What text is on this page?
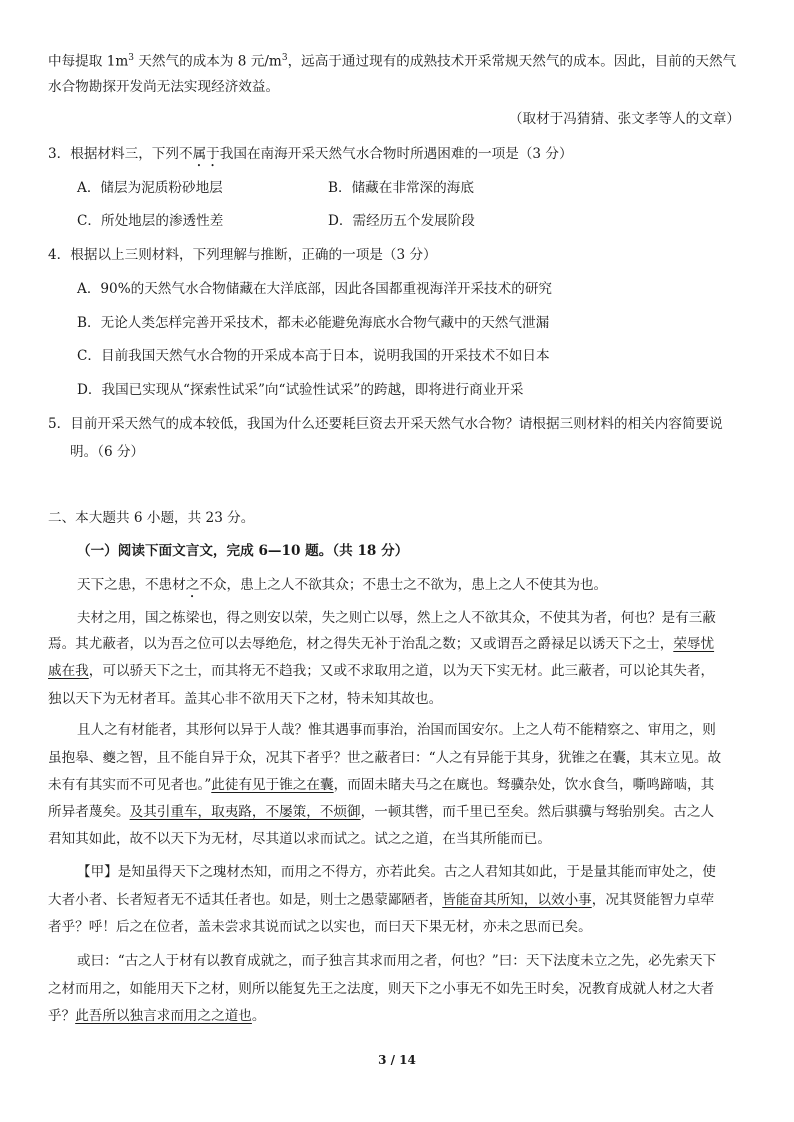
中每提取 $1m^3$ 天然气的成本为 8 元$/m^3$，远高于通过现有的成熟技术开采常规天然气的成本。因此，目前的天然气
水合物勘探开发尚无法实现经济效益。
（取材于冯猜猜、张文孝等人的文章）
3．根据材料三，下列不属于我国在南海开采天然气水合物时所遇困难的一项是（3 分）
A．储层为泥质粉砂地层	B．储藏在非常深的海底
C．所处地层的渗透性差	D．需经历五个发展阶段
4．根据以上三则材料，下列理解与推断，正确的一项是（3 分）
A．90%的天然气水合物储藏在大洋底部，因此各国都重视海洋开采技术的研究
B．无论人类怎样完善开采技术，都未必能避免海底水合物气藏中的天然气泄漏
C．目前我国天然气水合物的开采成本高于日本，说明我国的开采技术不如日本
D．我国已实现从“探索性试采”向“试验性试采”的跨越，即将进行商业开采
5．目前开采天然气的成本较低，我国为什么还要耗巨资去开采天然气水合物？请根据三则材料的相关内容简要说
明。（6 分）
二、本大题共 6 小题，共 23 分。
（一）阅读下面文言文，完成 6—10 题。（共 18 分）
天下之患，不患材之不众，患上之人不欲其众；不患士之不欲为，患上之人不使其为也。
夫材之用，国之栋梁也，得之则安以荣，失之则亡以辱，然上之人不欲其众，不使其为者，何也？是有三蔽
焉。其尤蔽者，以为吾之位可以去辱绝危，材之得失无补于治乱之数；又或谓吾之爵禄足以诱天下之士，荣辱忧
戚在我，可以骄天下之士，而其将无不趋我；又或不求取用之道，以为天下实无材。此三蔽者，可以论其失者，
独以天下为无材者耳。盖其心非不欲用天下之材，特未知其故也。
且人之有材能者，其形何以异于人哉？惟其遇事而事治，治国而国安尔。上之人苟不能精察之、审用之，则
虽抱皋、夔之智，且不能自异于众，况其下者乎？世之蔽者曰：“人之有异能于其身，犹锥之在囊，其末立见。故
未有有其实而不可见者也。”此徒有见于锥之在囊，而固未睹夫马之在廐也。驽骥杂处，饮水食刍，嘶鸣蹄啮，其
所异者蔑矣。及其引重车，取夷路，不屡策，不烦御，一顿其辔，而千里已至矣。然后骐骥与驽骀别矣。古之人
君知其如此，故不以天下为无材，尽其道以求而试之。试之之道，在当其所能而已。
【甲】是知虽得天下之瑰材杰知，而用之不得方，亦若此矣。古之人君知其如此，于是量其能而审处之，使
大者小者、长者短者无不适其任者也。如是，则士之愚蒙鄙陋者，皆能奋其所知，以效小事，况其贤能智力卓荦
者乎？呼！后之在位者，盖未尝求其说而试之以实也，而曰天下果无材，亦未之思而已矣。
或曰：“古之人于材有以教育成就之，而子独言其求而用之者，何也？”曰：天下法度未立之先，必先索天下
之材而用之，如能用天下之材，则所以能复先王之法度，则天下之小事无不如先王时矣，况教育成就人材之大者
乎？此吾所以独言求而用之之道也。
3 / 14
